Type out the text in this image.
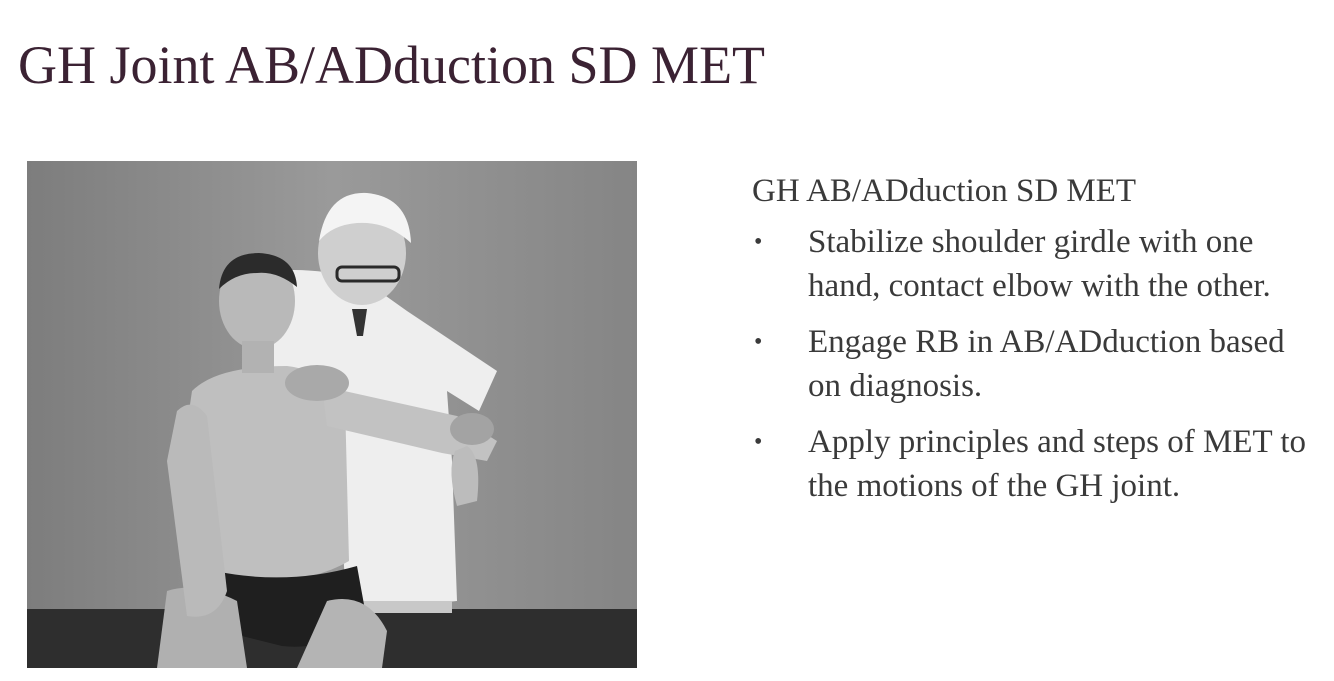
GH Joint AB/ADduction SD MET
GH AB/ADduction SD MET
• Stabilize shoulder girdle with one hand, contact elbow with the other.
• Engage RB in AB/ADduction based on diagnosis.
• Apply principles and steps of MET to the motions of the GH joint.
